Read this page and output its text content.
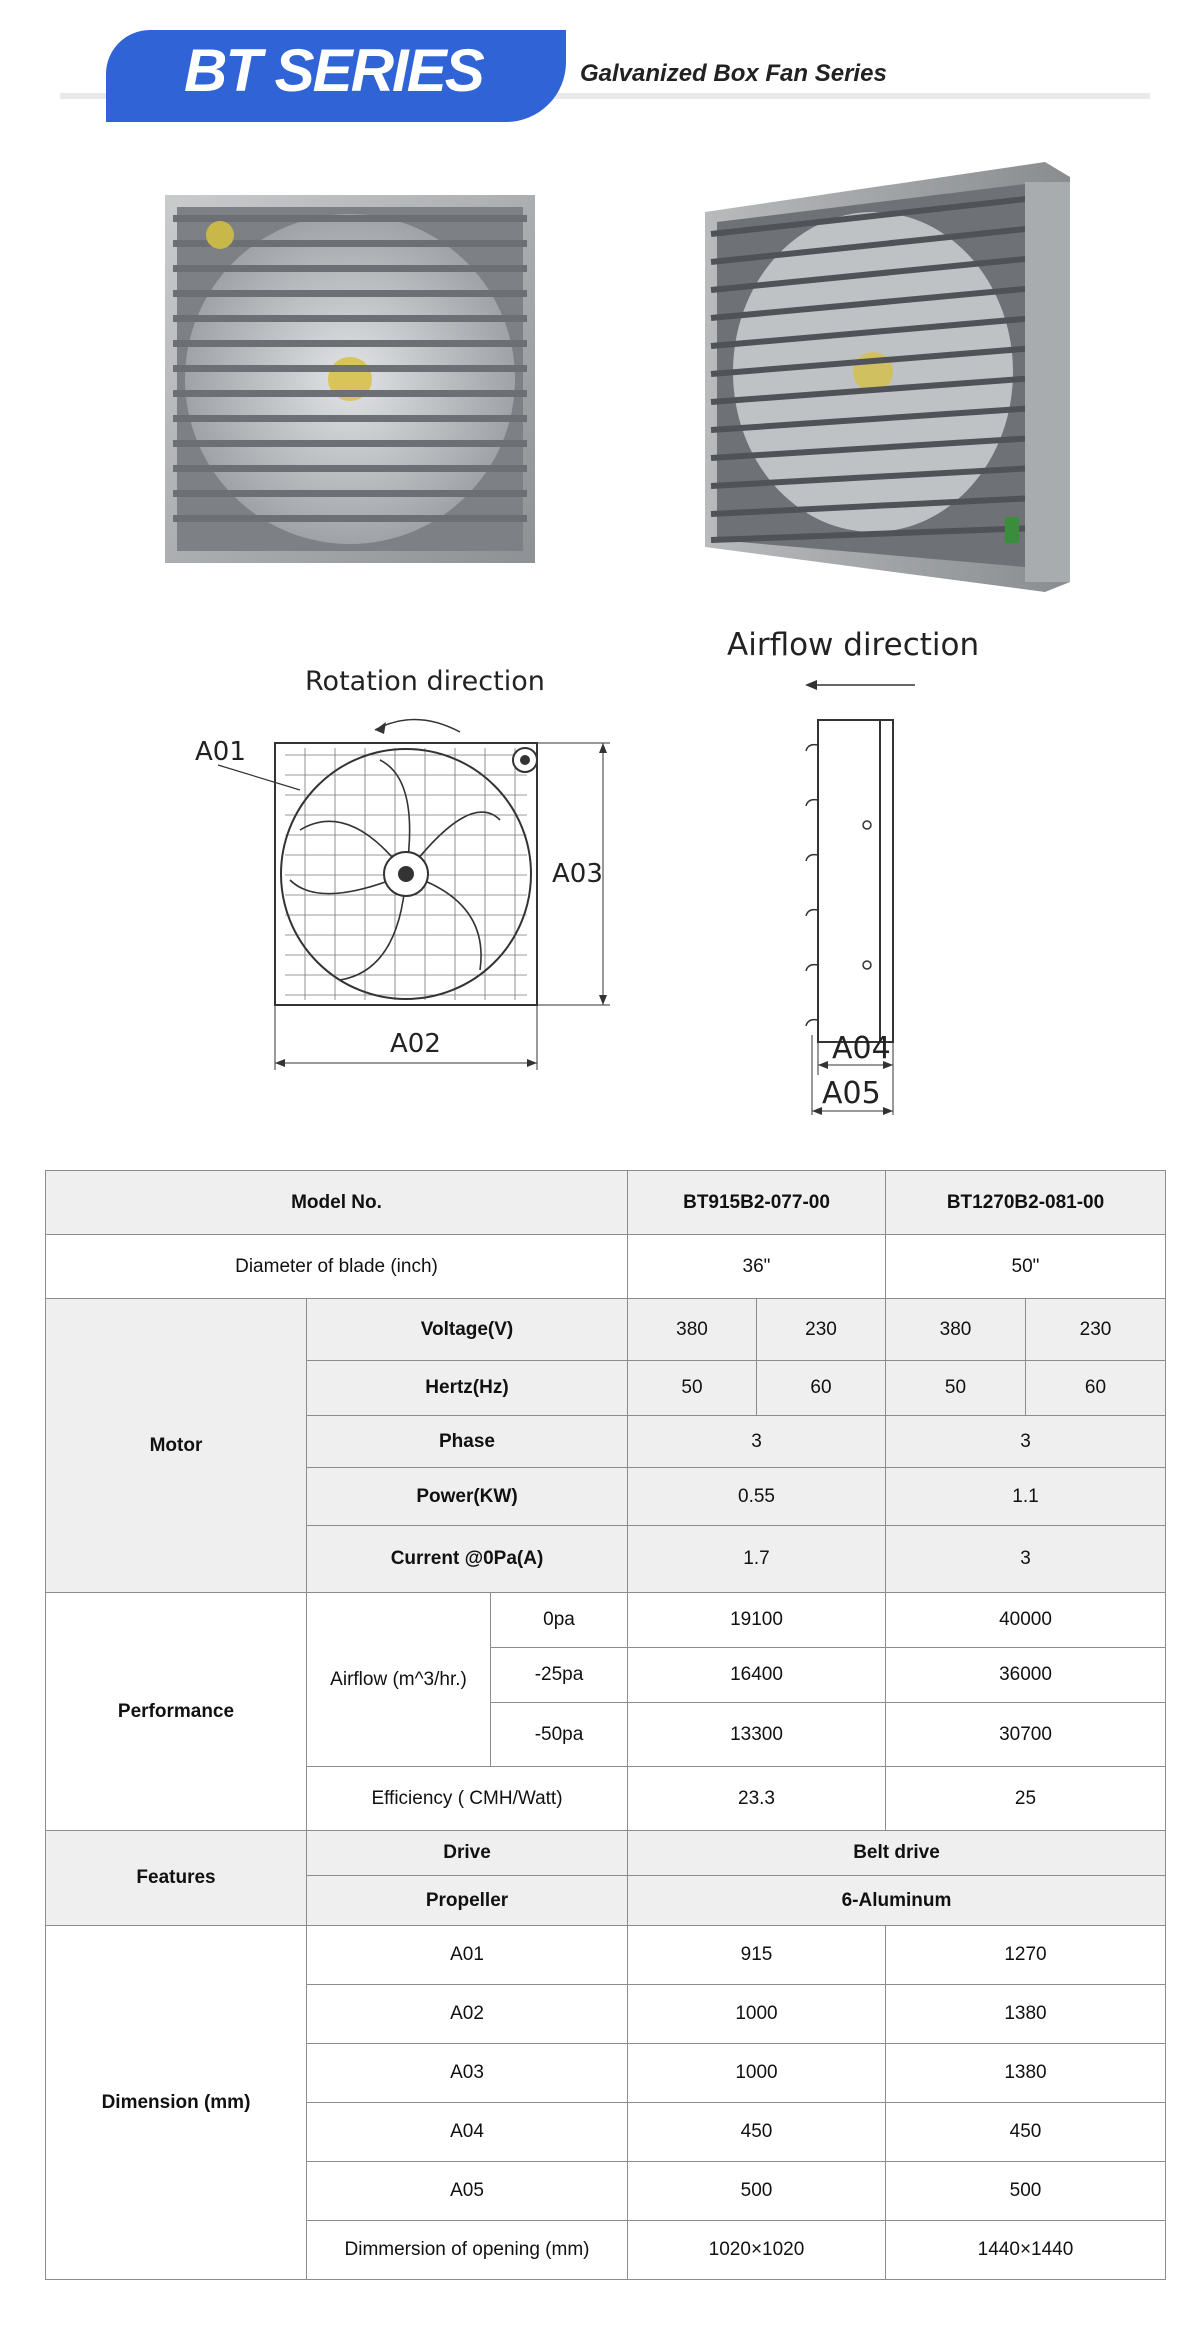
BT SERIES	Galvanized Box Fan Series
Rotation direction
A01
A03
A02
Airflow direction
A04
A05
Model No.			BT915B2-077-00		BT1270B2-081-00	
Diameter of blade (inch)			36"		50"	
Motor	Voltage(V)		380	230	380	230
	Hertz(Hz)		50	60	50	60
	Phase		3		3	
	Power(KW)		0.55		1.1	
	Current @0Pa(A)		1.7		3	
Performance	Airflow (m^3/hr.)	0pa	19100		40000	
		-25pa	16400		36000	
		-50pa	13300		30700	
	Efficiency ( CMH/Watt)		23.3		25	
Features	Drive		Belt drive			
	Propeller		6-Aluminum			
Dimension (mm)	A01		915		1270	
	A02		1000		1380	
	A03		1000		1380	
	A04		450		450	
	A05		500		500	
	Dimmersion of opening (mm)		1020×1020		1440×1440	
